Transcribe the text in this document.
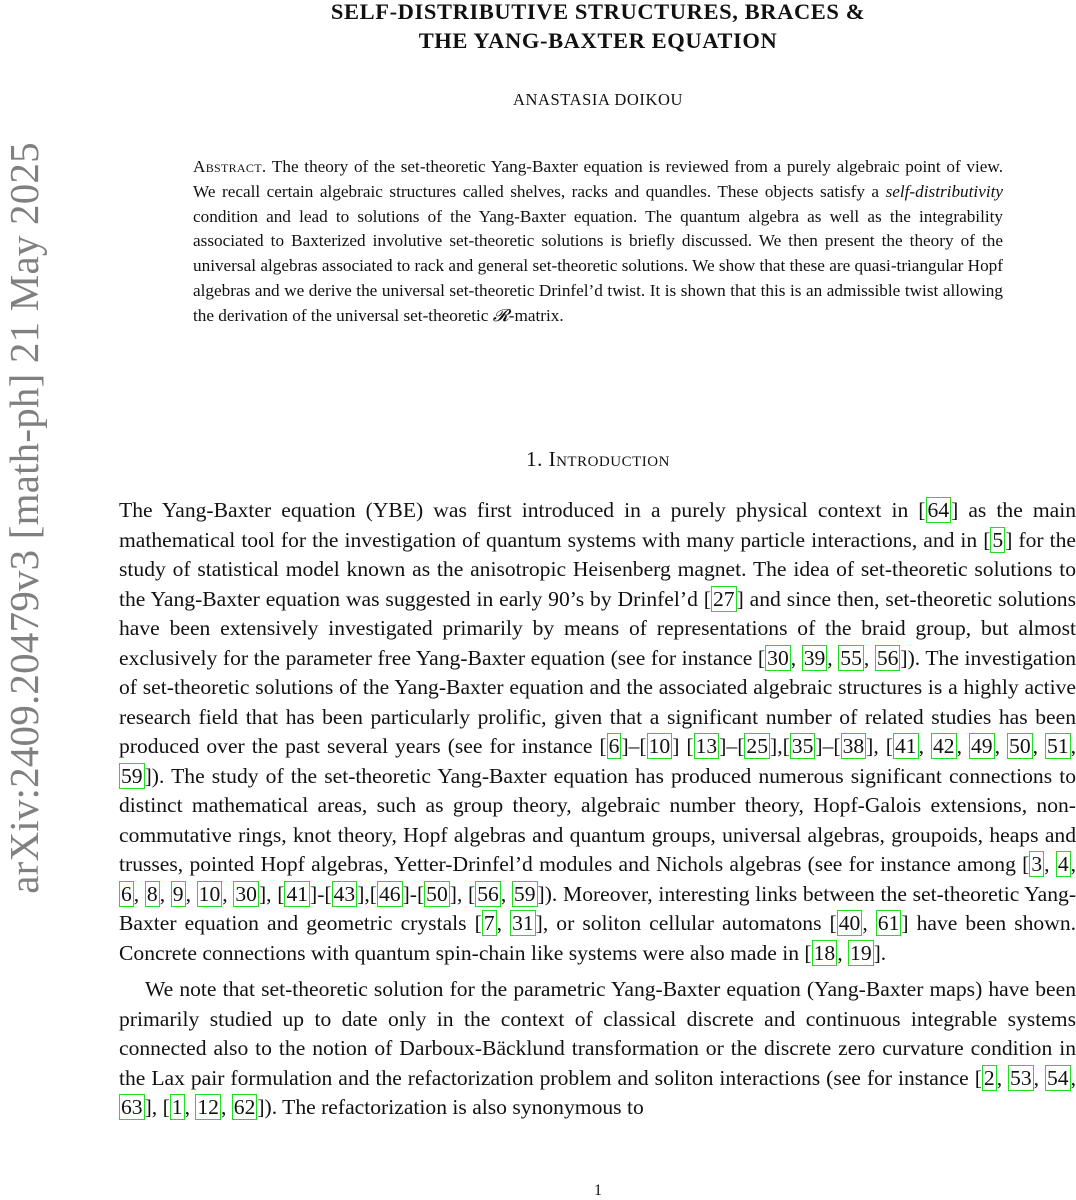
arXiv:2409.20479v3 [math-ph] 21 May 2025
SELF-DISTRIBUTIVE STRUCTURES, BRACES &
THE YANG-BAXTER EQUATION
ANASTASIA DOIKOU
Abstract. The theory of the set-theoretic Yang-Baxter equation is reviewed from a purely algebraic point of view. We recall certain algebraic structures called shelves, racks and quandles. These objects satisfy a self-distributivity condition and lead to solutions of the Yang-Baxter equation. The quantum algebra as well as the integrability associated to Baxterized involutive set-theoretic solutions is briefly discussed. We then present the theory of the universal algebras associated to rack and general set-theoretic solutions. We show that these are quasi-triangular Hopf algebras and we derive the universal set-theoretic Drinfel’d twist. It is shown that this is an admissible twist allowing the derivation of the universal set-theoretic 𝓡-matrix.
1. Introduction

The Yang-Baxter equation (YBE) was first introduced in a purely physical context in [64] as the main mathematical tool for the investigation of quantum systems with many particle interactions, and in [5] for the study of statistical model known as the anisotropic Heisenberg magnet. The idea of set-theoretic solutions to the Yang-Baxter equation was suggested in early 90’s by Drinfel’d [27] and since then, set-theoretic solutions have been extensively investigated primarily by means of representations of the braid group, but almost exclusively for the parameter free Yang-Baxter equation (see for instance [30, 39, 55, 56]). The investigation of set-theoretic solutions of the Yang-Baxter equation and the associated algebraic structures is a highly active research field that has been particularly prolific, given that a significant number of related studies has been produced over the past several years (see for instance [6]–[10] [13]–[25],[35]–[38], [41, 42, 49, 50, 51, 59]). The study of the set-theoretic Yang-Baxter equation has produced numerous significant connections to distinct mathematical areas, such as group theory, algebraic number theory, Hopf-Galois extensions, non-commutative rings, knot theory, Hopf algebras and quantum groups, universal algebras, groupoids, heaps and trusses, pointed Hopf algebras, Yetter-Drinfel’d modules and Nichols algebras (see for instance among [3, 4, 6, 8, 9, 10, 30], [41]-[43],[46]-[50], [56, 59]). Moreover, interesting links between the set-theoretic Yang-Baxter equation and geometric crystals [7, 31], or soliton cellular automatons [40, 61] have been shown. Concrete connections with quantum spin-chain like systems were also made in [18, 19].

We note that set-theoretic solution for the parametric Yang-Baxter equation (Yang-Baxter maps) have been primarily studied up to date only in the context of classical discrete and continuous integrable systems connected also to the notion of Darboux-Bäcklund transformation or the discrete zero curvature condition in the Lax pair formulation and the refactorization problem and soliton interactions (see for instance [2, 53, 54, 63], [1, 12, 62]). The refactorization is also synonymous to

1
